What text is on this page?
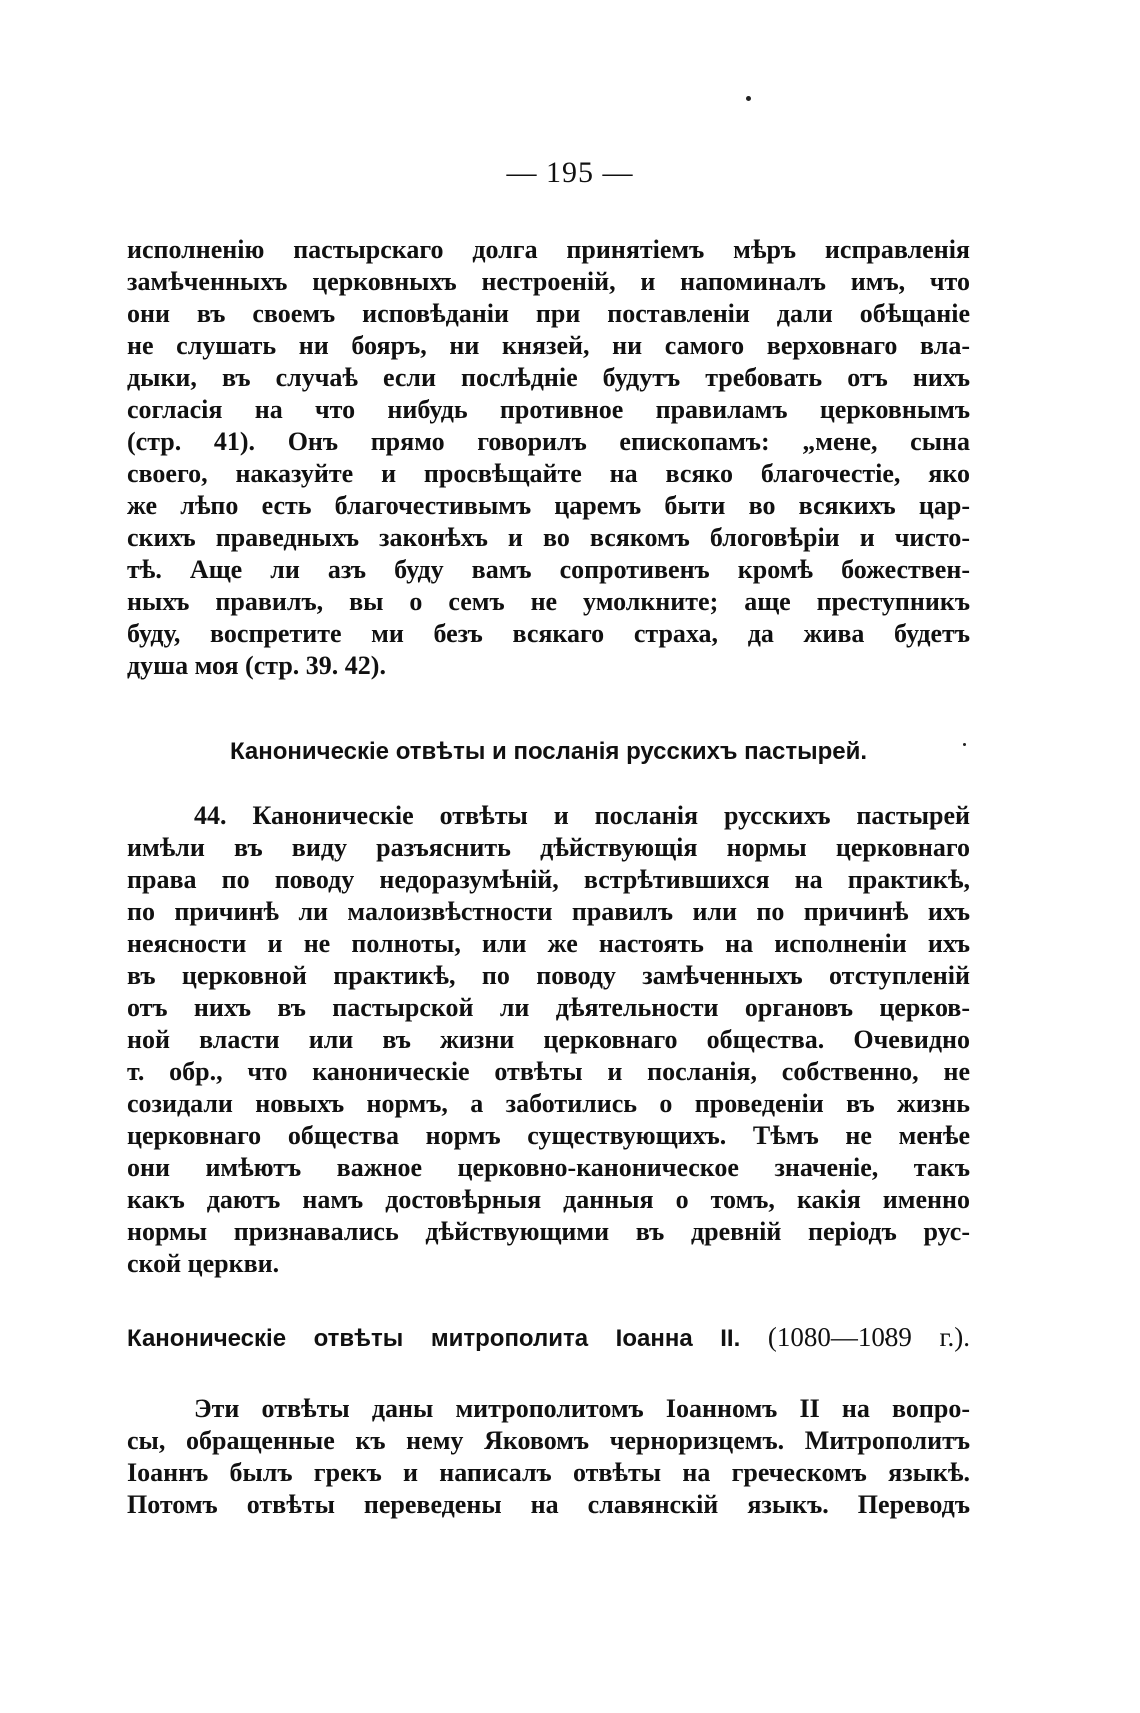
— 195 —
исполненію пастырскаго долга принятіемъ мѣръ исправленія
замѣченныхъ церковныхъ нестроеній, и напоминалъ имъ, что
они въ своемъ исповѣданіи при поставленіи дали обѣщаніе
не слушать ни бояръ, ни князей, ни самого верховнаго вла-
дыки, въ случаѣ если послѣдніе будутъ требовать отъ нихъ
согласія на что нибудь противное правиламъ церковнымъ
(стр. 41). Онъ прямо говорилъ епископамъ: „мене, сына
своего, наказуйте и просвѣщайте на всяко благочестіе, яко
же лѣпо есть благочестивымъ царемъ быти во всякихъ цар-
скихъ праведныхъ законѣхъ и во всякомъ блоговѣріи и чисто-
тѣ. Аще ли азъ буду вамъ сопротивенъ кромѣ божествен-
ныхъ правилъ, вы о семъ не умолкните; аще преступникъ
буду, воспретите ми безъ всякаго страха, да жива будетъ
душа моя (стр. 39. 42).
Каноническіе отвѣты и посланія русскихъ пастырей.
44. Каноническіе отвѣты и посланія русскихъ пастырей
имѣли въ виду разъяснить дѣйствующія нормы церковнаго
права по поводу недоразумѣній, встрѣтившихся на практикѣ,
по причинѣ ли малоизвѣстности правилъ или по причинѣ ихъ
неясности и не полноты, или же настоять на исполненіи ихъ
въ церковной практикѣ, по поводу замѣченныхъ отступленій
отъ нихъ въ пастырской ли дѣятельности органовъ церков-
ной власти или въ жизни церковнаго общества. Очевидно
т. обр., что каноническіе отвѣты и посланія, собственно, не
созидали новыхъ нормъ, а заботились о проведеніи въ жизнь
церковнаго общества нормъ существующихъ. Тѣмъ не менѣе
они имѣютъ важное церковно-каноническое значеніе, такъ
какъ даютъ намъ достовѣрныя данныя о томъ, какія именно
нормы признавались дѣйствующими въ древній періодъ рус-
ской церкви.
Каноническіе отвѣты митрополита Іоанна II. (1080—1089 г.).
Эти отвѣты даны митрополитомъ Іоанномъ II на вопро-
сы, обращенные къ нему Яковомъ черноризцемъ. Митрополитъ
Іоаннъ былъ грекъ и написалъ отвѣты на греческомъ языкѣ.
Потомъ отвѣты переведены на славянскій языкъ. Переводъ
